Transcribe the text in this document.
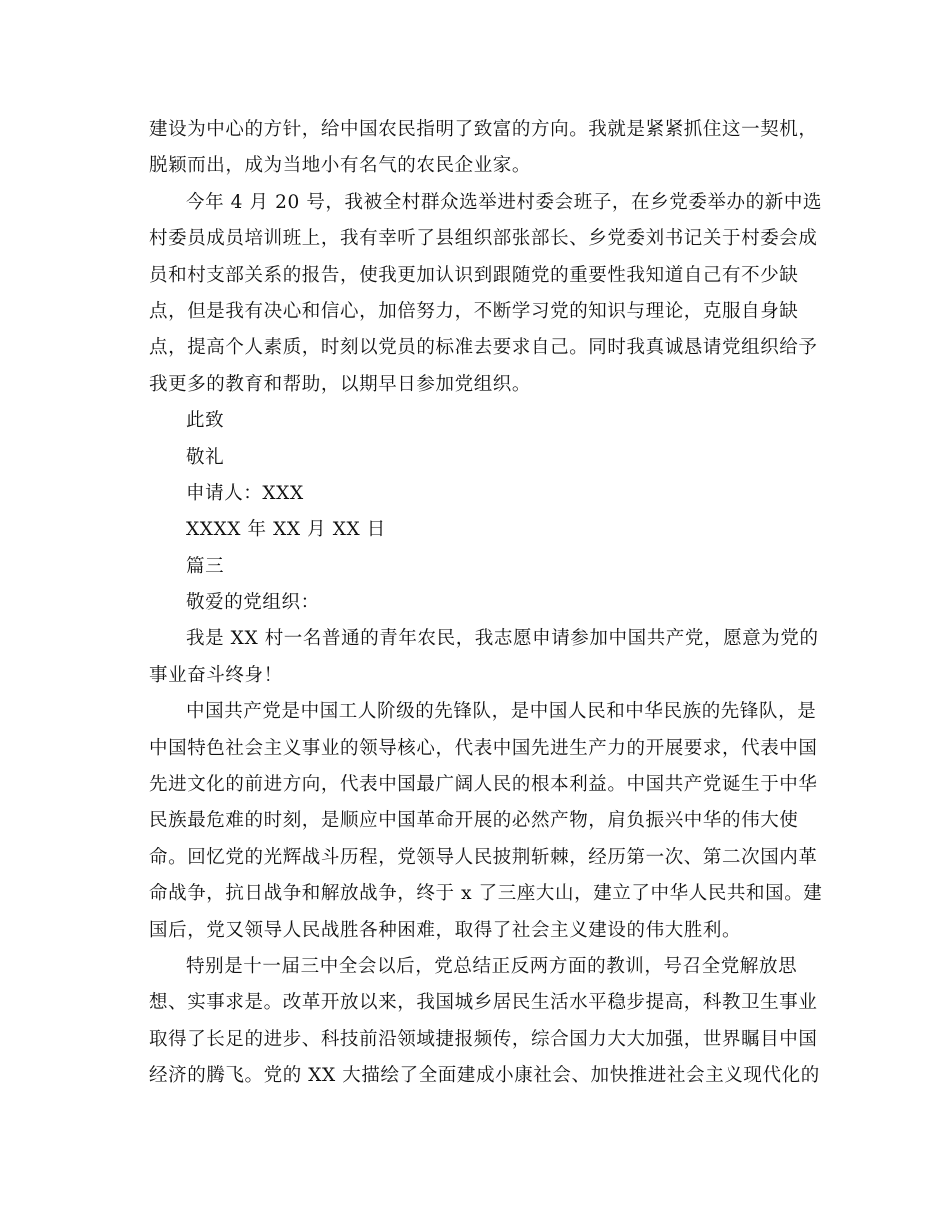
建设为中心的方针，给中国农民指明了致富的方向。我就是紧紧抓住这一契机，
脱颖而出，成为当地小有名气的农民企业家。
今年 4 月 20 号，我被全村群众选举进村委会班子，在乡党委举办的新中选
村委员成员培训班上，我有幸听了县组织部张部长、乡党委刘书记关于村委会成
员和村支部关系的报告，使我更加认识到跟随党的重要性我知道自己有不少缺
点，但是我有决心和信心，加倍努力，不断学习党的知识与理论，克服自身缺
点，提高个人素质，时刻以党员的标准去要求自己。同时我真诚恳请党组织给予
我更多的教育和帮助，以期早日参加党组织。
此致
敬礼
申请人：XXX
XXXX 年 XX 月 XX 日
篇三
敬爱的党组织：
我是 XX 村一名普通的青年农民，我志愿申请参加中国共产党，愿意为党的
事业奋斗终身！
中国共产党是中国工人阶级的先锋队，是中国人民和中华民族的先锋队，是
中国特色社会主义事业的领导核心，代表中国先进生产力的开展要求，代表中国
先进文化的前进方向，代表中国最广阔人民的根本利益。中国共产党诞生于中华
民族最危难的时刻，是顺应中国革命开展的必然产物，肩负振兴中华的伟大使
命。回忆党的光辉战斗历程，党领导人民披荆斩棘，经历第一次、第二次国内革
命战争，抗日战争和解放战争，终于 x 了三座大山，建立了中华人民共和国。建
国后，党又领导人民战胜各种困难，取得了社会主义建设的伟大胜利。
特别是十一届三中全会以后，党总结正反两方面的教训，号召全党解放思
想、实事求是。改革开放以来，我国城乡居民生活水平稳步提高，科教卫生事业
取得了长足的进步、科技前沿领域捷报频传，综合国力大大加强，世界瞩目中国
经济的腾飞。党的 XX 大描绘了全面建成小康社会、加快推进社会主义现代化的
